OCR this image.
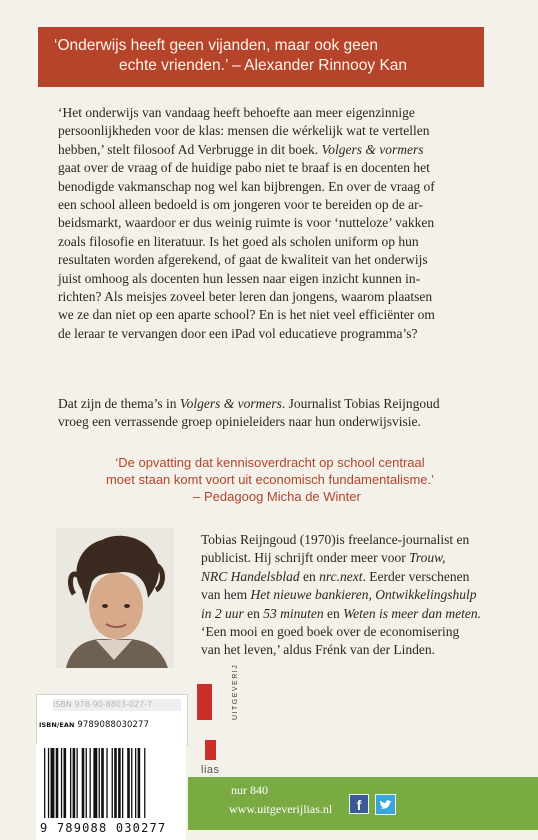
‘Onderwijs heeft geen vijanden, maar ook geen
echte vrienden.’ – Alexander Rinnooy Kan
‘Het onderwijs van vandaag heeft behoefte aan meer eigenzinnige
persoonlijkheden voor de klas: mensen die wérkelijk wat te vertellen
hebben,’ stelt filosoof Ad Verbrugge in dit boek. Volgers & vormers
gaat over de vraag of de huidige pabo niet te braaf is en docenten het
benodigde vakmanschap nog wel kan bijbrengen. En over de vraag of
een school alleen bedoeld is om jongeren voor te bereiden op de ar-
beidsmarkt, waardoor er dus weinig ruimte is voor ‘nutteloze’ vakken
zoals filosofie en literatuur. Is het goed als scholen uniform op hun
resultaten worden afgerekend, of gaat de kwaliteit van het onderwijs
juist omhoog als docenten hun lessen naar eigen inzicht kunnen in-
richten? Als meisjes zoveel beter leren dan jongens, waarom plaatsen
we ze dan niet op een aparte school? En is het niet veel efficiënter om
de leraar te vervangen door een iPad vol educatieve programma’s?
Dat zijn de thema’s in Volgers & vormers. Journalist Tobias Reijngoud
vroeg een verrassende groep opinieleiders naar hun onderwijsvisie.
‘De opvatting dat kennisoverdracht op school centraal
moet staan komt voort uit economisch fundamentalisme.’
– Pedagoog Micha de Winter
Tobias Reijngoud (1970)is freelance-journalist en
publicist. Hij schrijft onder meer voor Trouw,
NRC Handelsblad en nrc.next. Eerder verschenen
van hem Het nieuwe bankieren, Ontwikkelingshulp
in 2 uur en 53 minuten en Weten is meer dan meten.
‘Een mooi en goed boek over de economisering
van het leven,’ aldus Frénk van der Linden.
ISBN 978-90-8803-027-7
ISBN/EAN 9789088030277
9 789088 030277
UITGEVERIJ
lias
nur 840
www.uitgeverijlias.nl	f
